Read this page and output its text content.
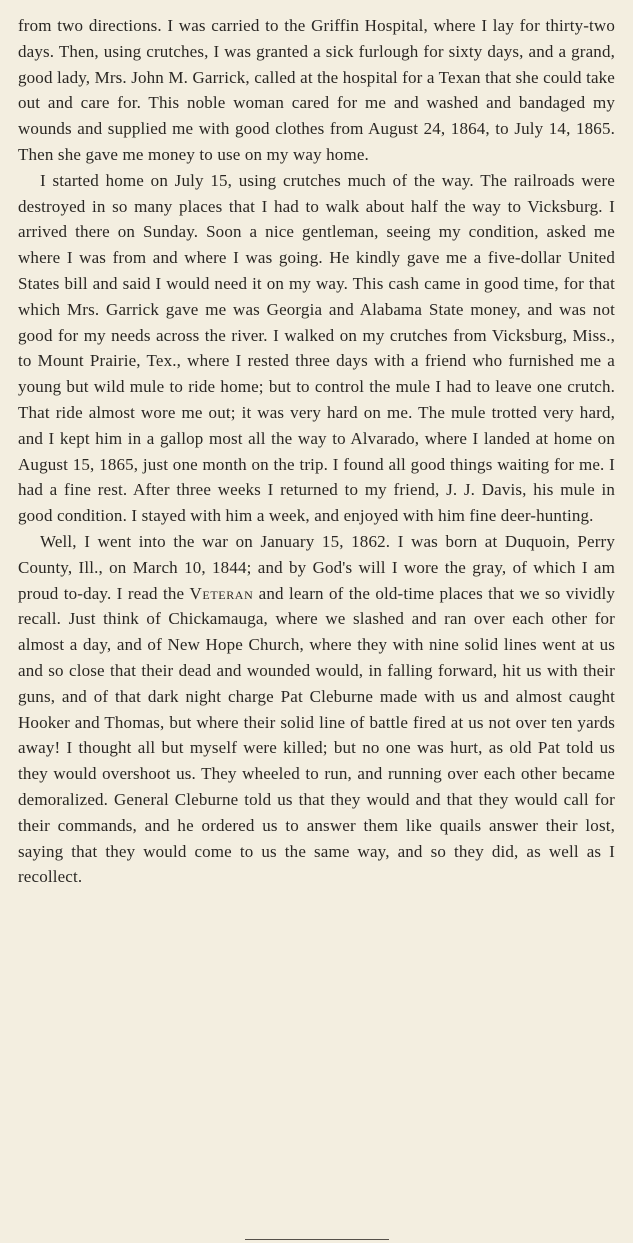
from two directions. I was carried to the Griffin Hospital, where I lay for thirty-two days. Then, using crutches, I was granted a sick furlough for sixty days, and a grand, good lady, Mrs. John M. Garrick, called at the hospital for a Texan that she could take out and care for. This noble woman cared for me and washed and bandaged my wounds and supplied me with good clothes from August 24, 1864, to July 14, 1865. Then she gave me money to use on my way home.

I started home on July 15, using crutches much of the way. The railroads were destroyed in so many places that I had to walk about half the way to Vicksburg. I arrived there on Sunday. Soon a nice gentleman, seeing my condition, asked me where I was from and where I was going. He kindly gave me a five-dollar United States bill and said I would need it on my way. This cash came in good time, for that which Mrs. Garrick gave me was Georgia and Alabama State money, and was not good for my needs across the river. I walked on my crutches from Vicksburg, Miss., to Mount Prairie, Tex., where I rested three days with a friend who furnished me a young but wild mule to ride home; but to control the mule I had to leave one crutch. That ride almost wore me out; it was very hard on me. The mule trotted very hard, and I kept him in a gallop most all the way to Alvarado, where I landed at home on August 15, 1865, just one month on the trip. I found all good things waiting for me. I had a fine rest. After three weeks I returned to my friend, J. J. Davis, his mule in good condition. I stayed with him a week, and enjoyed with him fine deer-hunting.

Well, I went into the war on January 15, 1862. I was born at Duquoin, Perry County, Ill., on March 10, 1844; and by God's will I wore the gray, of which I am proud to-day. I read the Veteran and learn of the old-time places that we so vividly recall. Just think of Chickamauga, where we slashed and ran over each other for almost a day, and of New Hope Church, where they with nine solid lines went at us and so close that their dead and wounded would, in falling forward, hit us with their guns, and of that dark night charge Pat Cleburne made with us and almost caught Hooker and Thomas, but where their solid line of battle fired at us not over ten yards away! I thought all but myself were killed; but no one was hurt, as old Pat told us they would overshoot us. They wheeled to run, and running over each other became demoralized. General Cleburne told us that they would and that they would call for their commands, and he ordered us to answer them like quails answer their lost, saying that they would come to us the same way, and so they did, as well as I recollect.
